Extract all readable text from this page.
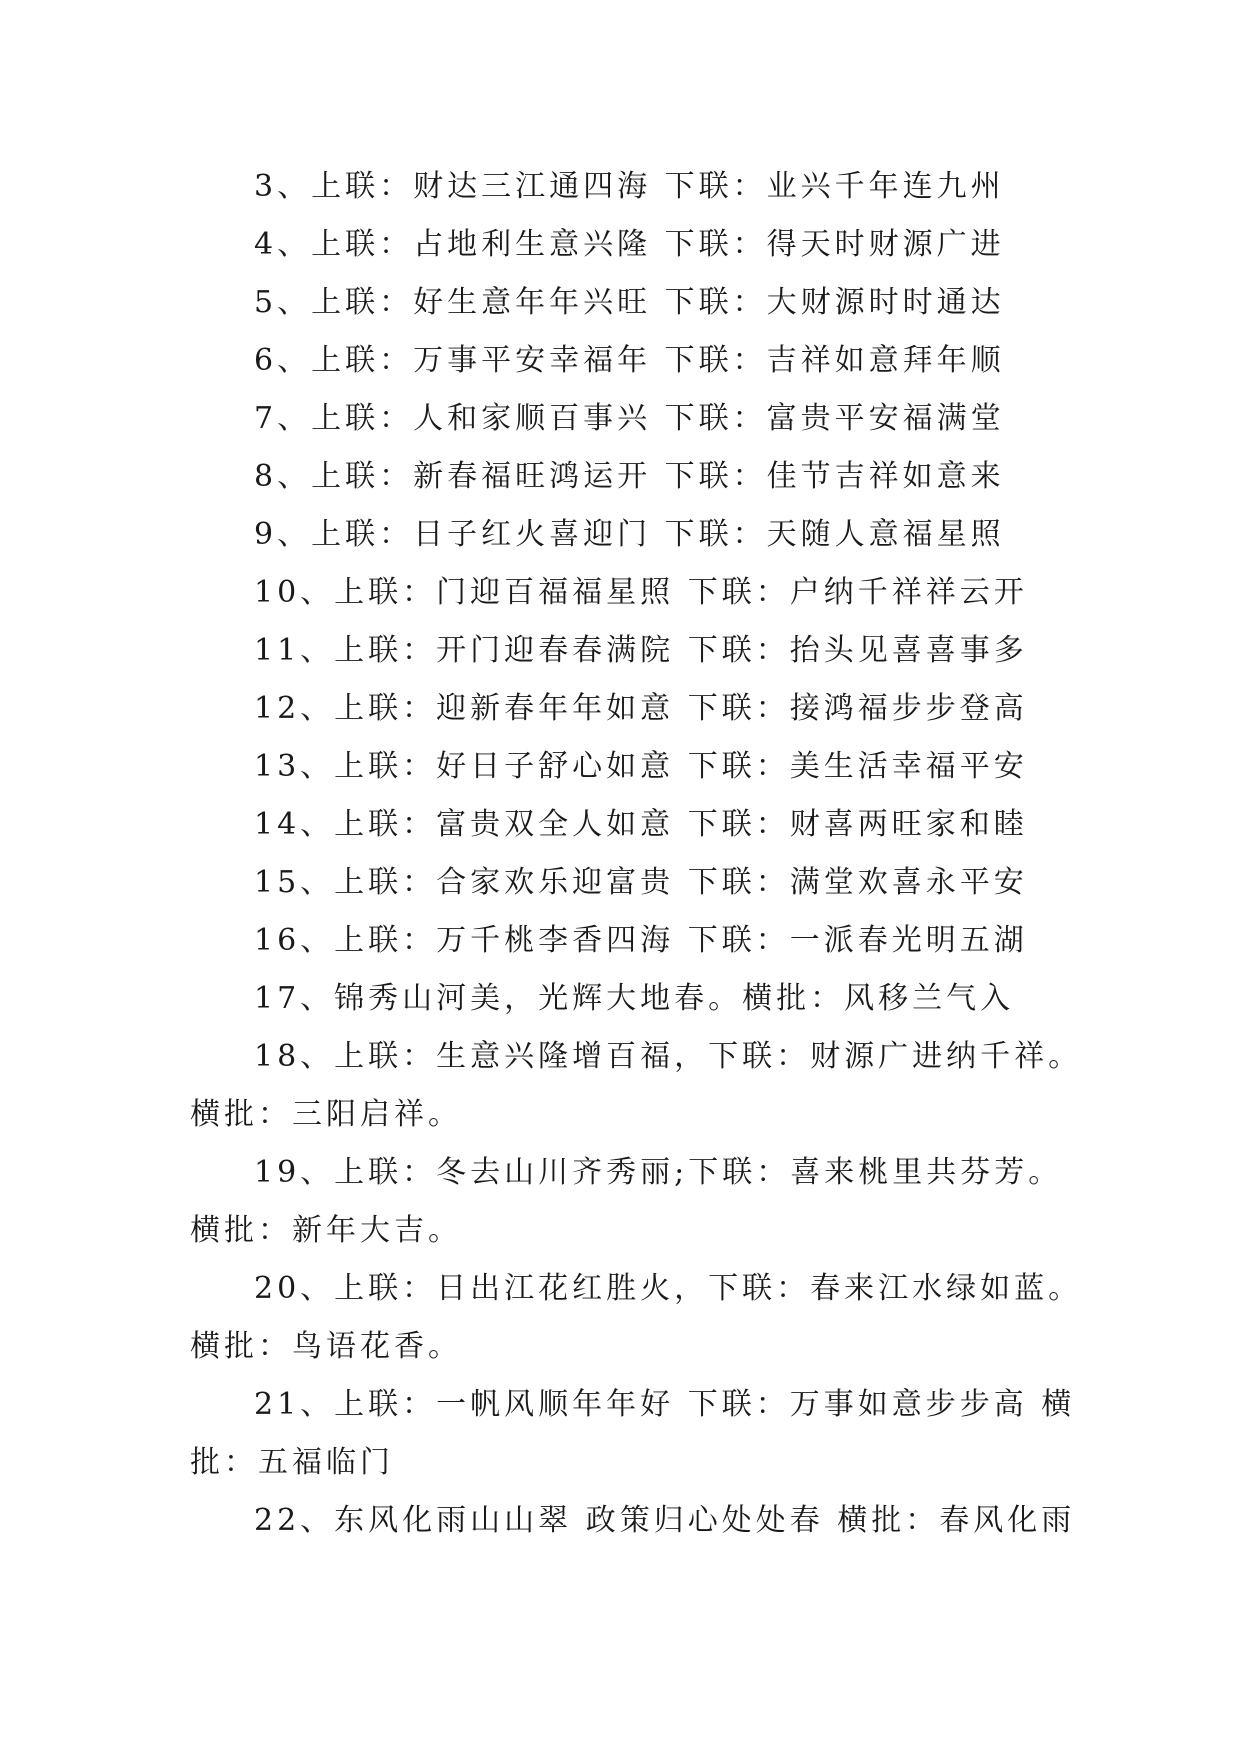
3、上联：财达三江通四海 下联：业兴千年连九州
4、上联：占地利生意兴隆 下联：得天时财源广进
5、上联：好生意年年兴旺 下联：大财源时时通达
6、上联：万事平安幸福年 下联：吉祥如意拜年顺
7、上联：人和家顺百事兴 下联：富贵平安福满堂
8、上联：新春福旺鸿运开 下联：佳节吉祥如意来
9、上联：日子红火喜迎门 下联：天随人意福星照
10、上联：门迎百福福星照 下联：户纳千祥祥云开
11、上联：开门迎春春满院 下联：抬头见喜喜事多
12、上联：迎新春年年如意 下联：接鸿福步步登高
13、上联：好日子舒心如意 下联：美生活幸福平安
14、上联：富贵双全人如意 下联：财喜两旺家和睦
15、上联：合家欢乐迎富贵 下联：满堂欢喜永平安
16、上联：万千桃李香四海 下联：一派春光明五湖
17、锦秀山河美，光辉大地春。横批：风移兰气入
18、上联：生意兴隆增百福，下联：财源广进纳千祥。
横批：三阳启祥。
19、上联：冬去山川齐秀丽;下联：喜来桃里共芬芳。
横批：新年大吉。
20、上联：日出江花红胜火，下联：春来江水绿如蓝。
横批：鸟语花香。
21、上联：一帆风顺年年好 下联：万事如意步步高 横
批：五福临门
22、东风化雨山山翠 政策归心处处春 横批：春风化雨
